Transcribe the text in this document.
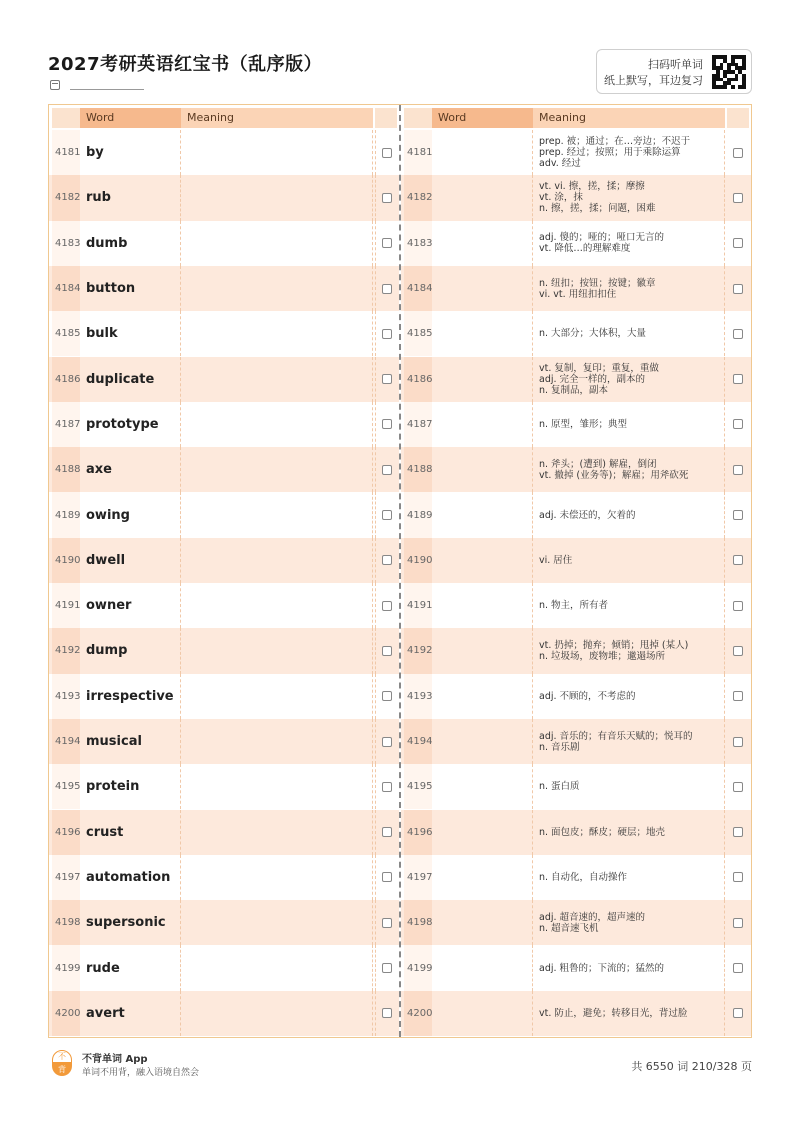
2027考研英语红宝书（乱序版）	扫码听单词
纸上默写，耳边复习
Word	Meaning
4181 by
4182 rub
4183 dumb
4184 button
4185 bulk
4186 duplicate
4187 prototype
4188 axe
4189 owing
4190 dwell
4191 owner
4192 dump
4193 irrespective
4194 musical
4195 protein
4196 crust
4197 automation
4198 supersonic
4199 rude
4200 avert
Word	Meaning
4181
prep. 被；通过；在…旁边；不迟于
prep. 经过；按照；用于乘除运算
adv. 经过
4182
vt. vi. 擦，搓，揉；摩擦
vt. 涂，抹
n. 擦，搓，揉；问题，困难
4183	adj. 傻的；哑的；哑口无言的
vt. 降低…的理解难度
4184	n. 纽扣；按钮；按键；徽章
vi. vt. 用纽扣扣住
4185	n. 大部分；大体积，大量
4186
vt. 复制，复印；重复，重做
adj. 完全一样的，副本的
n. 复制品，副本
4187	n. 原型，雏形；典型
4188	n. 斧头；(遭到) 解雇，倒闭
vt. 撤掉 (业务等)；解雇；用斧砍死
4189	adj. 未偿还的，欠着的
4190	vi. 居住
4191	n. 物主，所有者
4192	vt. 扔掉；抛弃；倾销；甩掉 (某人)
n. 垃圾场，废物堆；邋遢场所
4193	adj. 不顾的，不考虑的
4194	adj. 音乐的；有音乐天赋的；悦耳的
n. 音乐剧
4195	n. 蛋白质
4196	n. 面包皮；酥皮；硬层；地壳
4197	n. 自动化，自动操作
4198	adj. 超音速的，超声速的
n. 超音速飞机
4199	adj. 粗鲁的；下流的；猛然的
4200	vt. 防止，避免；转移目光，背过脸
不
背
不背单词 App
单词不用背，融入语境自然会	共 6550 词 210/328 页
